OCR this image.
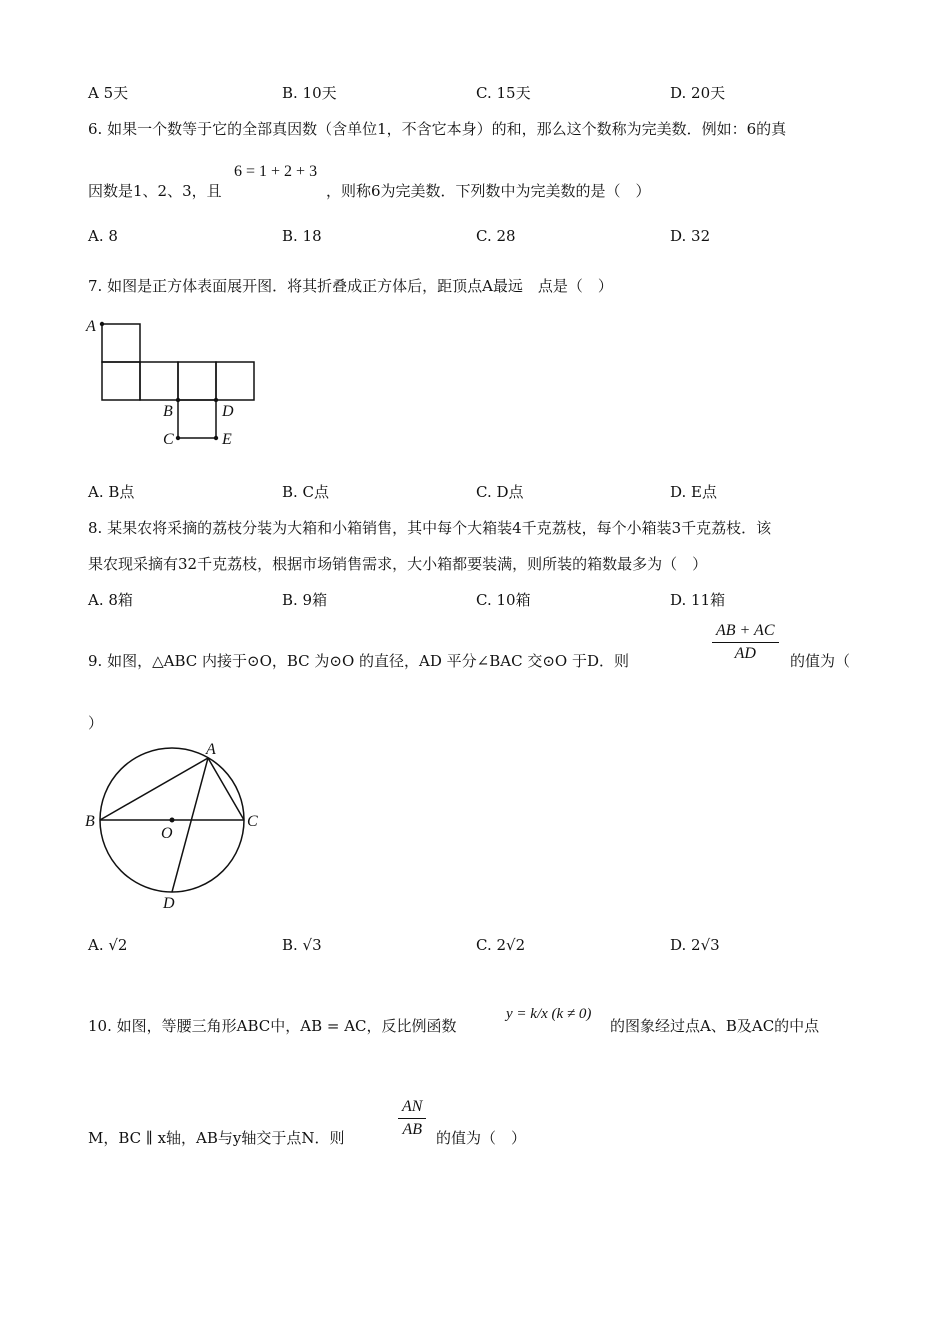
A 5天	B. 10天	C. 15天	D. 20天
6. 如果一个数等于它的全部真因数（含单位1，不含它本身）的和，那么这个数称为完美数．例如：6的真
因数是1、2、3，且
6 = 1 + 2 + 3
，则称6为完美数．下列数中为完美数的是（　）
A. 8	B. 18	C. 28	D. 32
7. 如图是正方体表面展开图．将其折叠成正方体后，距顶点A最远　点是（　）
A
B	D
C	E
A. B点	B. C点	C. D点	D. E点
8. 某果农将采摘的荔枝分装为大箱和小箱销售，其中每个大箱装4千克荔枝，每个小箱装3千克荔枝．该
果农现采摘有32千克荔枝，根据市场销售需求，大小箱都要装满，则所装的箱数最多为（　）
A. 8箱	B. 9箱	C. 10箱	D. 11箱
9. 如图，△ABC 内接于⊙O，BC 为⊙O 的直径，AD 平分∠BAC 交⊙O 于D．则	$\frac{AB + AC}{AD}$ 的值为（
）
A
B	C
O
D
A. √2	B. √3	C. 2√2	D. 2√3
10. 如图，等腰三角形ABC中，AB = AC，反比例函数
y = k/x (k ≠ 0)
的图象经过点A、B及AC的中点
M，BC ∥ x轴，AB与y轴交于点N．则	$\frac{AN}{AB}$ 的值为（　）
